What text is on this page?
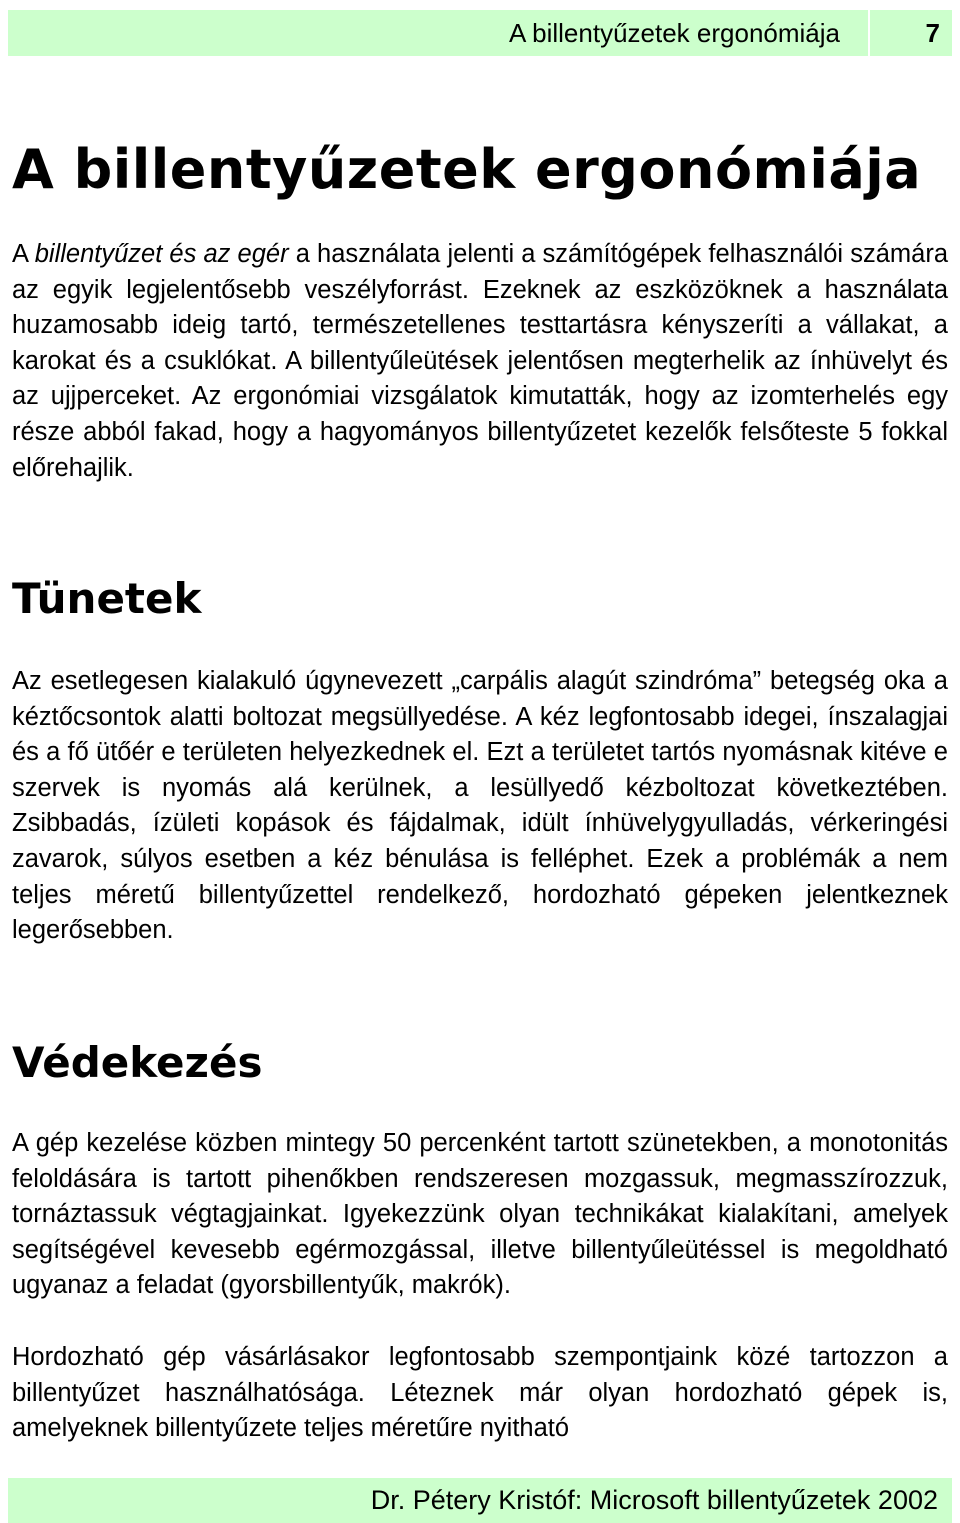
A billentyűzetek ergonómiája	7
A billentyűzetek ergonómiája

A billentyűzet és az egér a használata jelenti a számítógépek felhasználói számára az egyik legjelentősebb veszélyforrást. Ezeknek az eszközöknek a használata huzamosabb ideig tartó, természetellenes testtartásra kényszeríti a vállakat, a karokat és a csuklókat. A billentyűleütések jelentősen megterhelik az ínhüvelyt és az ujjperceket. Az ergonómiai vizsgálatok kimutatták, hogy az izomterhelés egy része abból fakad, hogy a hagyományos billentyűzetet kezelők felsőteste 5 fokkal előrehajlik.

Tünetek

Az esetlegesen kialakuló úgynevezett „carpális alagút szindróma” betegség oka a kéztőcsontok alatti boltozat megsüllyedése. A kéz legfontosabb idegei, ínszalagjai és a fő ütőér e területen helyezkednek el. Ezt a területet tartós nyomásnak kitéve e szervek is nyomás alá kerülnek, a lesüllyedő kézboltozat következtében. Zsibbadás, ízületi kopások és fájdalmak, idült ínhüvelygyulladás, vérkeringési zavarok, súlyos esetben a kéz bénulása is felléphet. Ezek a problémák a nem teljes méretű billentyűzettel rendelkező, hordozható gépeken jelentkeznek legerősebben.

Védekezés

A gép kezelése közben mintegy 50 percenként tartott szünetekben, a monotonitás feloldására is tartott pihenőkben rendszeresen mozgassuk, megmasszírozzuk, tornáztassuk végtagjainkat. Igyekezzünk olyan technikákat kialakítani, amelyek segítségével kevesebb egérmozgással, illetve billentyűleütéssel is megoldható ugyanaz a feladat (gyorsbillentyűk, makrók).

Hordozható gép vásárlásakor legfontosabb szempontjaink közé tartozzon a billentyűzet használhatósága. Léteznek már olyan hordozható gépek is, amelyeknek billentyűzete teljes méretűre nyitható

Dr. Pétery Kristóf: Microsoft billentyűzetek 2002
